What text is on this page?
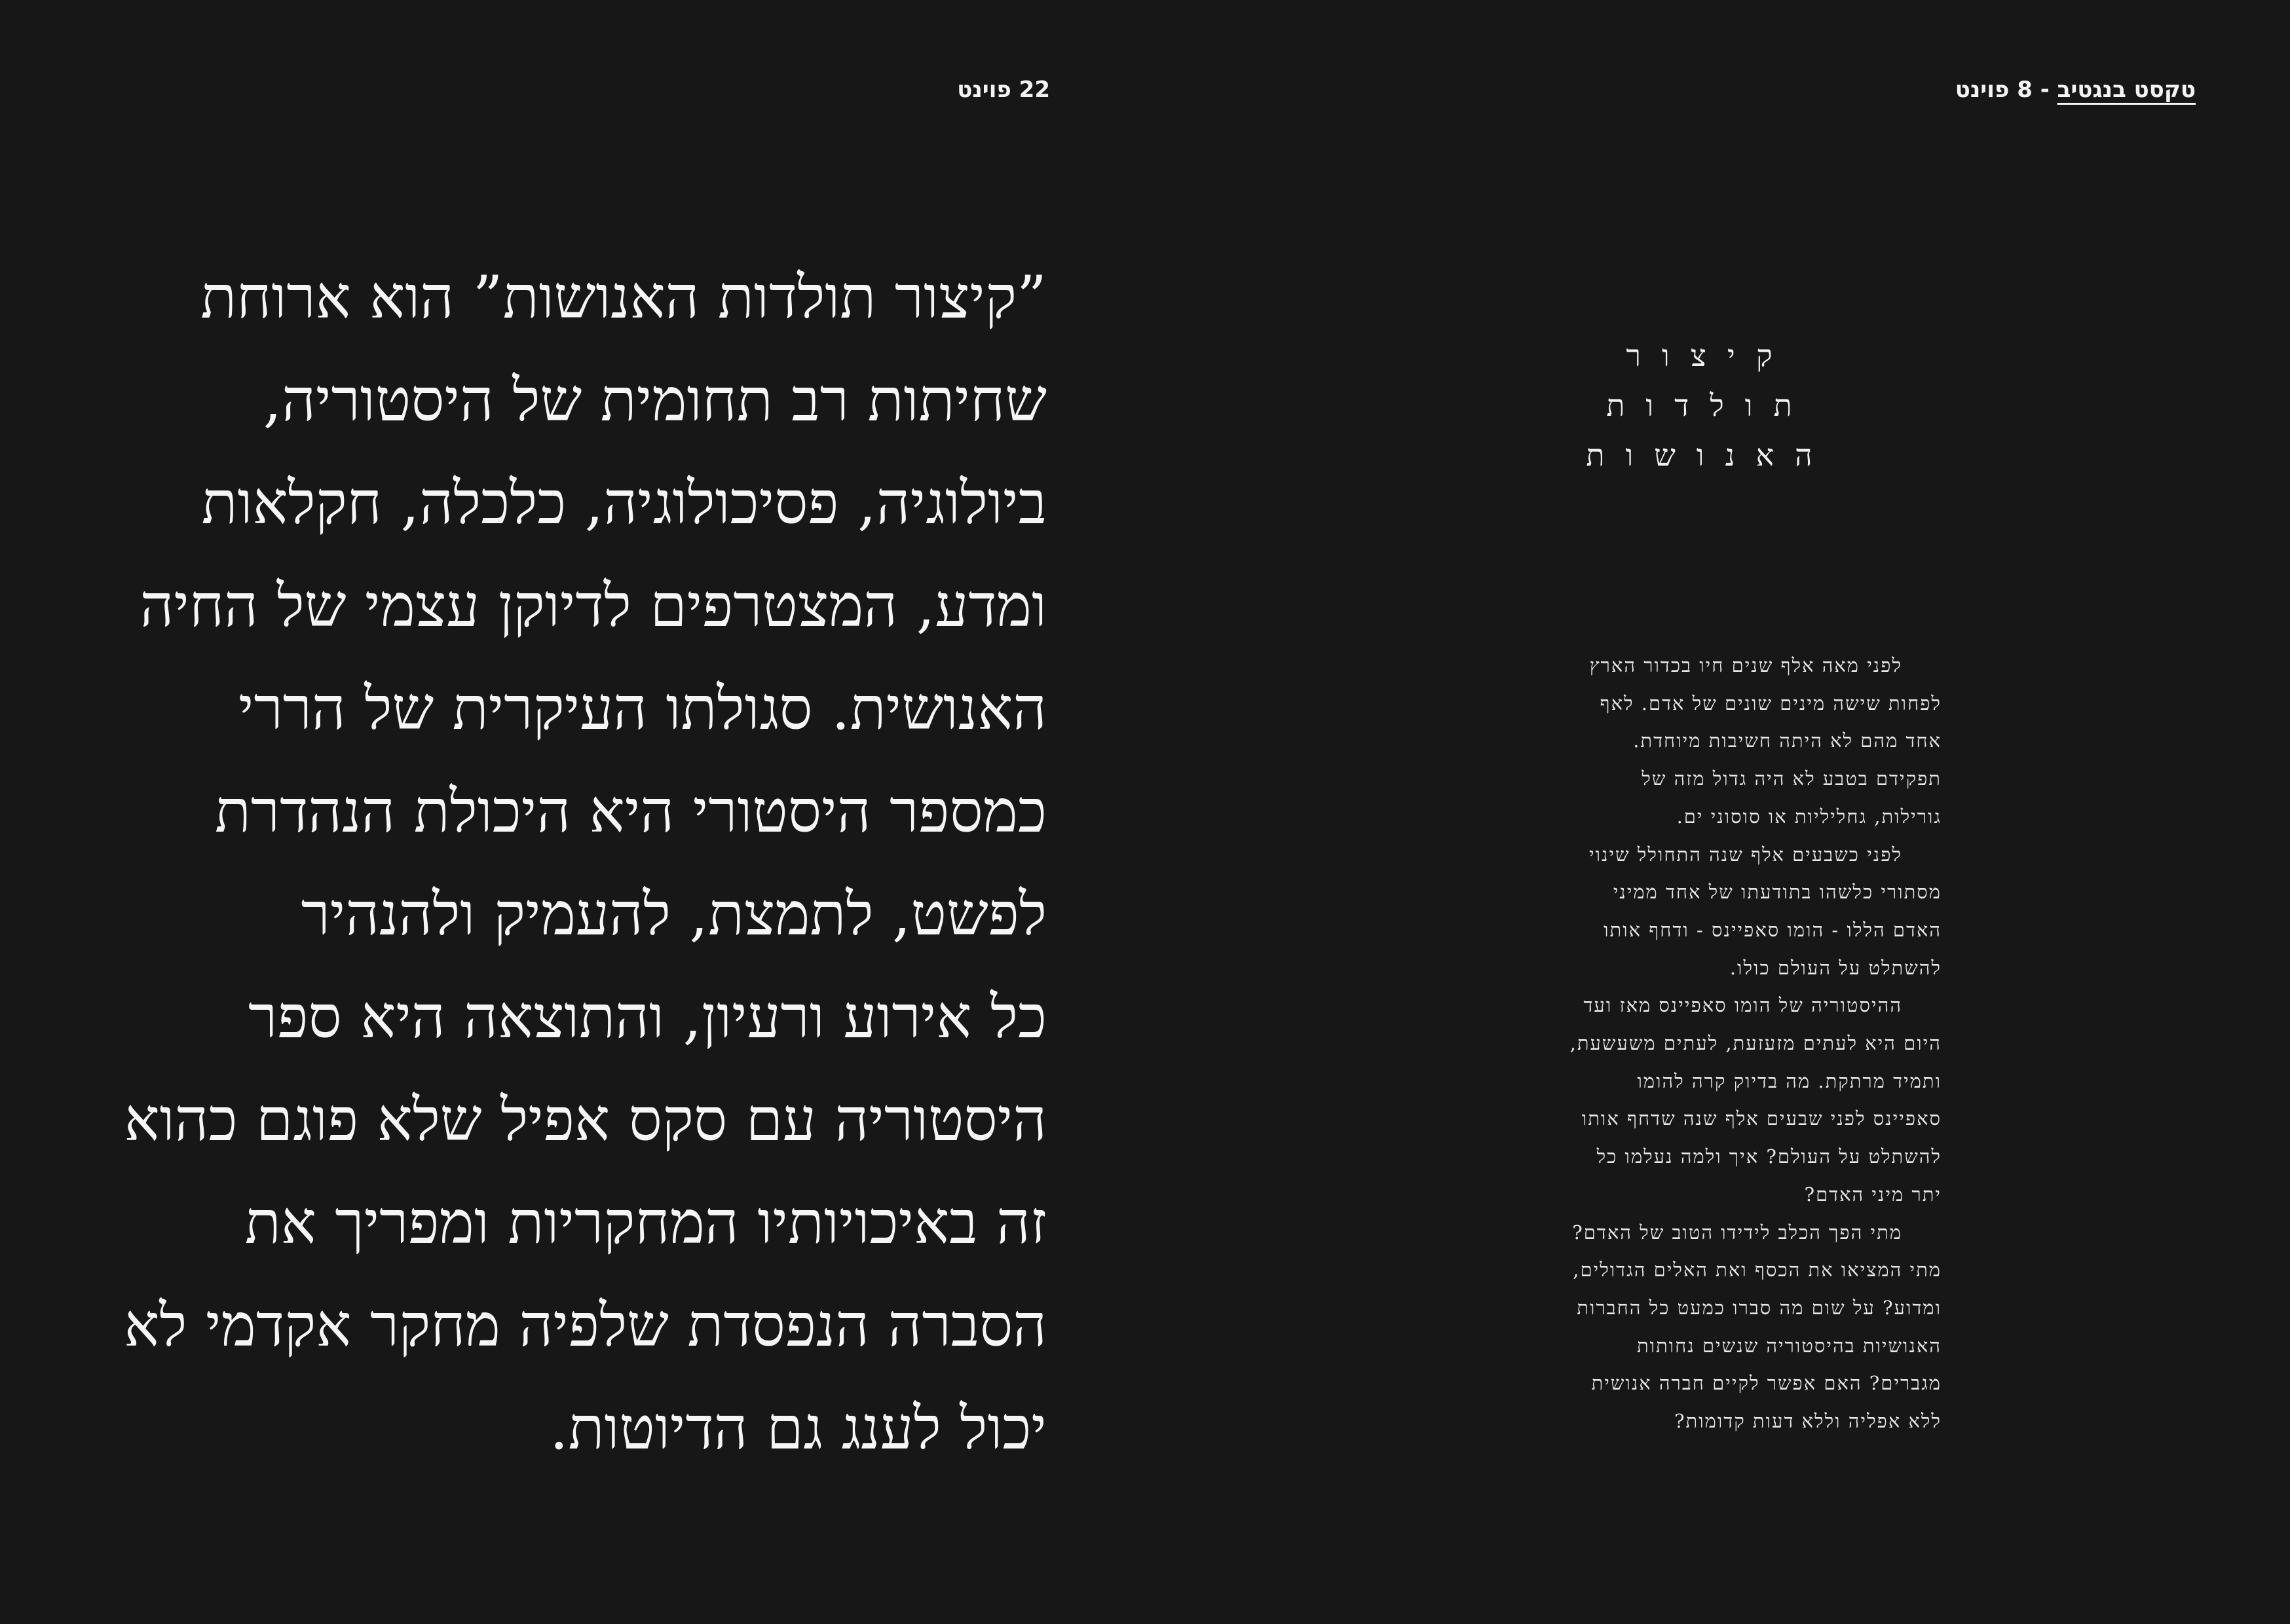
22 פוינט	טקסט בנגטיב - 8 פוינט

”קיצור תולדות האנושות” הוא ארוחת
שחיתות רב תחומית של היסטוריה,
ביולוגיה, פסיכולוגיה, כלכלה, חקלאות
ומדע, המצטרפים לדיוקן עצמי של החיה
האנושית. סגולתו העיקרית של הררי
כמספר היסטורי היא היכולת הנהדרת
לפשט, לתמצת, להעמיק ולהנהיר
כל אירוע ורעיון, והתוצאה היא ספר
היסטוריה עם סקס אפיל שלא פוגם כהוא
זה באיכויותיו המחקריות ומפריך את
הסברה הנפסדת שלפיה מחקר אקדמי לא
יכול לענג גם הדיוטות.

קיצור
תולדות
האנושות
לפני מאה אלף שנים חיו בכדור הארץ
לפחות שישה מינים שונים של אדם. לאף
אחד מהם לא היתה חשיבות מיוחדת.
תפקידם בטבע לא היה גדול מזה של
גורילות, גחליליות או סוסוני ים.
לפני כשבעים אלף שנה התחולל שינוי
מסתורי כלשהו בתודעתו של אחד ממיני
האדם הללו - הומו סאפיינס - ודחף אותו
להשתלט על העולם כולו.
ההיסטוריה של הומו סאפיינס מאז ועד
היום היא לעתים מזעזעת, לעתים משעשעת,
ותמיד מרתקת. מה בדיוק קרה להומו
סאפיינס לפני שבעים אלף שנה שדחף אותו
להשתלט על העולם? איך ולמה נעלמו כל
יתר מיני האדם?
מתי הפך הכלב לידידו הטוב של האדם?
מתי המציאו את הכסף ואת האלים הגדולים,
ומדוע? על שום מה סברו כמעט כל החברות
האנושיות בהיסטוריה שנשים נחותות
מגברים? האם אפשר לקיים חברה אנושית
ללא אפליה וללא דעות קדומות?
